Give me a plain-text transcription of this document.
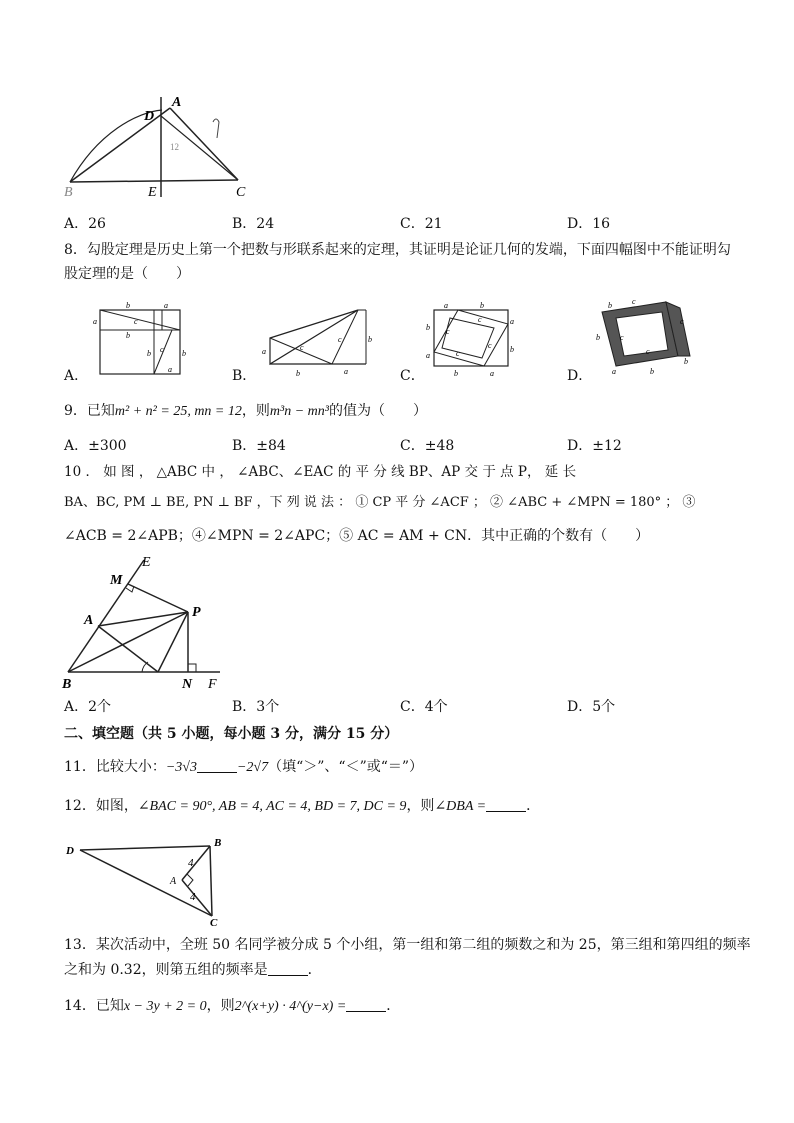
D
A
B	E	C
12
A．26	B．24	C．21	D．16
8．勾股定理是历史上第一个把数与形联系起来的定理，其证明是论证几何的发端，下面四幅图中不能证明勾
股定理的是（　　）
b	a
a	c
b
b c b
a
A．
a	c
c	b
b	a
B．
a	b
c
c
a
b
b
c
c
a
b	a
C．
c
b
c
b	c
c
b
a	b
D．
9．已知m² + n² = 25, mn = 12，则m³n − mn³的值为（　　）
A．±300	B．±84	C．±48	D．±12
10 ． 如 图 ， △ABC 中 ， ∠ABC、∠EAC 的 平 分 线 BP、AP 交 于 点 P， 延 长
BA、BC, PM ⊥ BE, PN ⊥ BF ，下 列 说 法 ： ① CP 平 分 ∠ACF ； ② ∠ABC + ∠MPN = 180° ； ③
∠ACB = 2∠APB；④∠MPN = 2∠APC；⑤ AC = AM + CN．其中正确的个数有（　　）
E
M
A
P
B	N F
A．2个	B．3个	C．4个	D．5个
二、填空题（共 5 小题，每小题 3 分，满分 15 分）
11．比较大小：−3√3	−2√7（填“＞”、“＜”或“＝”）
12．如图，∠BAC = 90°, AB = 4, AC = 4, BD = 7, DC = 9，则∠DBA =	．
D
B
A
C
4
4
13．某次活动中，全班 50 名同学被分成 5 个小组，第一组和第二组的频数之和为 25，第三组和第四组的频率
之和为 0.32，则第五组的频率是	．
14．已知x − 3y + 2 = 0，则2^(x+y) · 4^(y−x) =	．
